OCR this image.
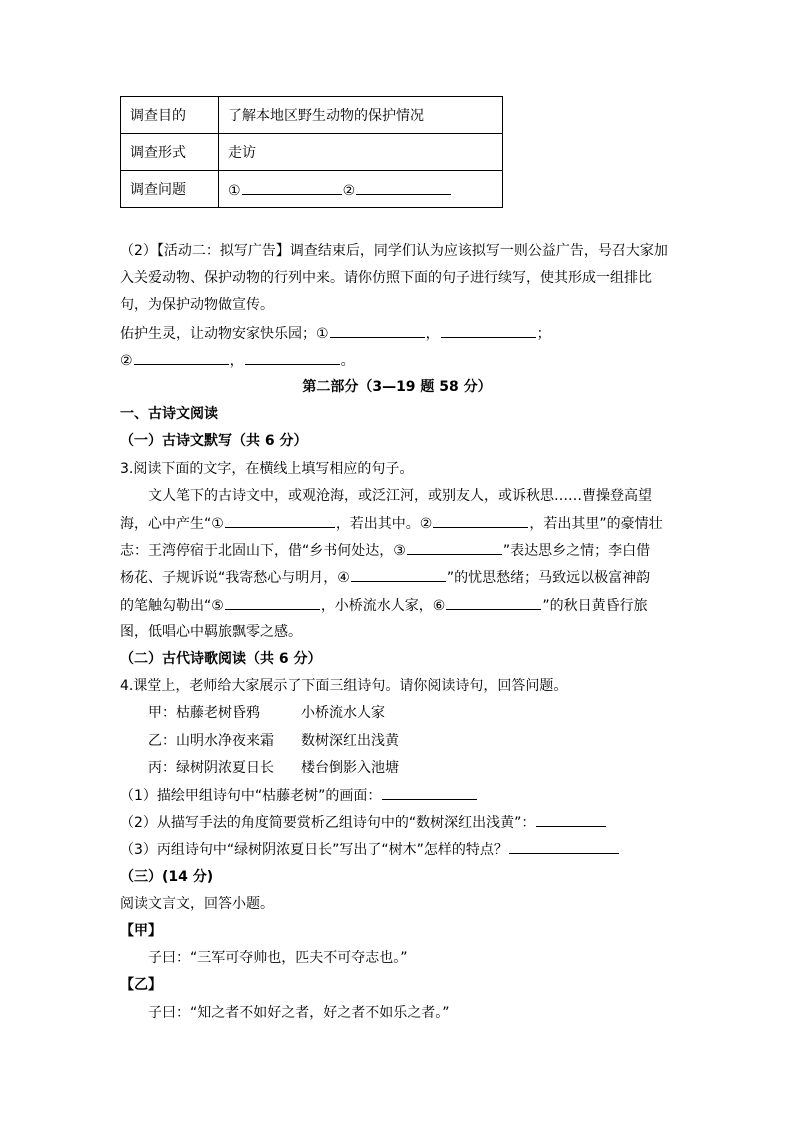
调查目的	了解本地区野生动物的保护情况
调查形式	走访
调查问题	① ②
（2）【活动二：拟写广告】调查结束后，同学们认为应该拟写一则公益广告，号召大家加
入关爱动物、保护动物的行列中来。请你仿照下面的句子进行续写，使其形成一组排比
句，为保护动物做宣传。
佑护生灵，让动物安家快乐园；①	，	；
②	，	。
第二部分（3—19 题 58 分）
一、古诗文阅读
（一）古诗文默写（共 6 分）
3.阅读下面的文字，在横线上填写相应的句子。
文人笔下的古诗文中，或观沧海，或泛江河，或别友人，或诉秋思……曹操登高望
海，心中产生“①	，若出其中。②	，若出其里”的豪情壮
志：王湾停宿于北固山下，借“乡书何处达，③	”表达思乡之情；李白借
杨花、子规诉说“我寄愁心与明月，④	”的忧思愁绪；马致远以极富神韵
的笔触勾勒出“⑤	，小桥流水人家，⑥	”的秋日黄昏行旅
图，低唱心中羁旅飘零之感。
（二）古代诗歌阅读（共 6 分）
4.课堂上，老师给大家展示了下面三组诗句。请你阅读诗句，回答问题。
甲：枯藤老树昏鸦	小桥流水人家
乙：山明水净夜来霜 数树深红出浅黄
丙：绿树阴浓夏日长 楼台倒影入池塘
（1）描绘甲组诗句中“枯藤老树”的画面：
（2）从描写手法的角度简要赏析乙组诗句中的“数树深红出浅黄”：
（3）丙组诗句中“绿树阴浓夏日长”写出了“树木”怎样的特点？
（三）(14 分)
阅读文言文，回答小题。
【甲】
子曰：“三军可夺帅也，匹夫不可夺志也。”
【乙】
子曰：“知之者不如好之者，好之者不如乐之者。”
